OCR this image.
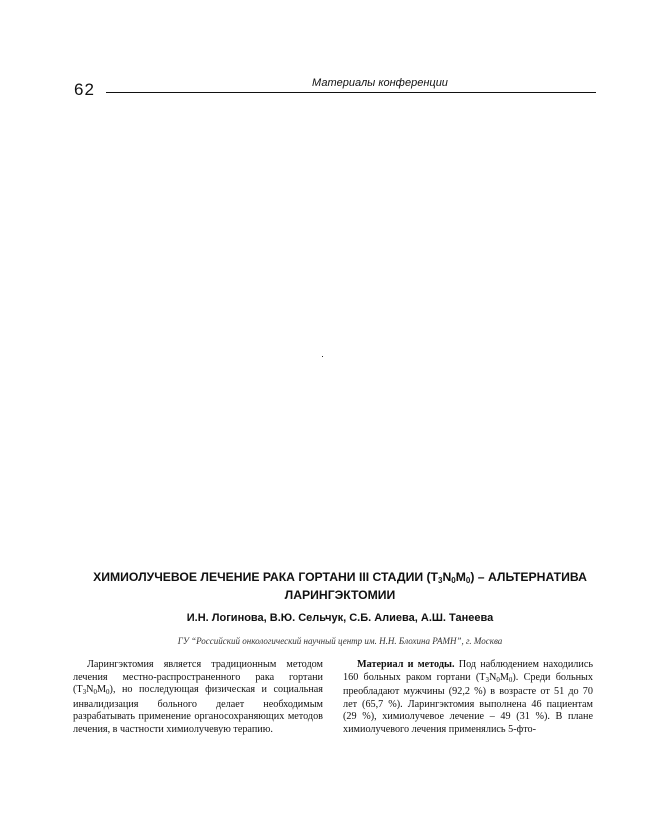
62	Материалы конференции
ХИМИОЛУЧЕВОЕ ЛЕЧЕНИЕ РАКА ГОРТАНИ III СТАДИИ $(T_3N_0M_0)$ – АЛЬТЕРНАТИВА
ЛАРИНГЭКТОМИИ
И.Н. Логинова, В.Ю. Сельчук, С.Б. Алиева, А.Ш. Танеева
ГУ “Российский онкологический научный центр им. Н.Н. Блохина РАМН”, г. Москва

Ларингэктомия является традиционным методом лечения местно-распространенного рака гортани $(T_3N_0M_0)$, но последующая физическая и социальная инвалидизация больного делает необходимым разрабатывать применение органосохраняющих методов лечения, в частности химиолучевую терапию.

Материал и методы. Под наблюдением находились 160 больных раком гортани $(T_3N_0M_0)$. Среди больных преобладают мужчины (92,2 %) в возрасте от 51 до 70 лет (65,7 %). Ларингэктомия выполнена 46 пациентам (29 %), химиолучевое лечение – 49 (31 %). В плане химиолучевого лечения применялись 5-фто-
